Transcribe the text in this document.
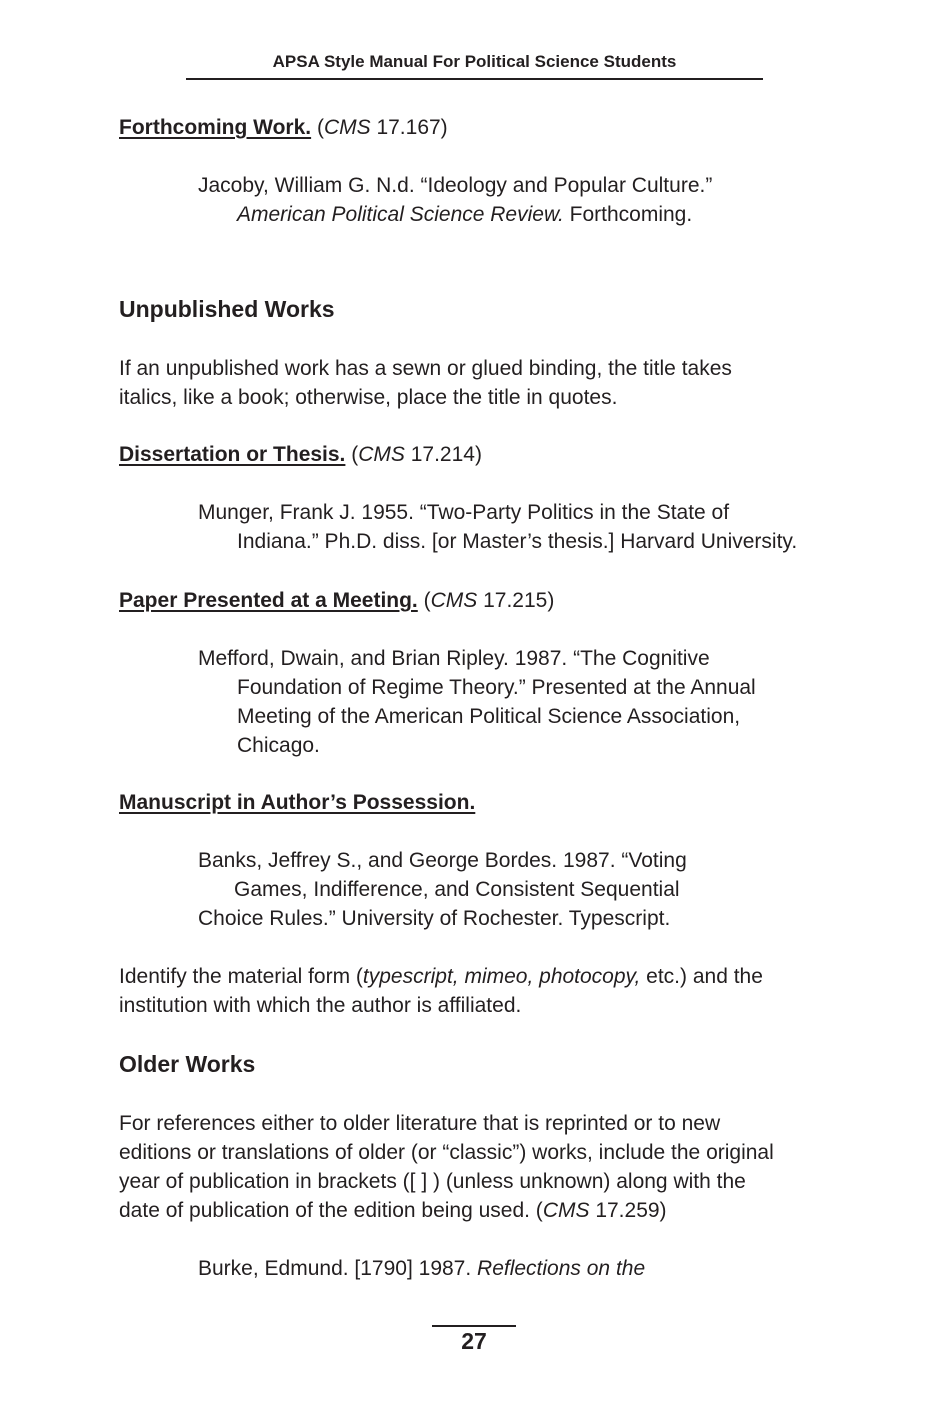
APSA Style Manual For Political Science Students
Forthcoming Work. (CMS 17.167)
Jacoby, William G. N.d. “Ideology and Popular Culture.”
American Political Science Review. Forthcoming.
Unpublished Works
If an unpublished work has a sewn or glued binding, the title takes
italics, like a book; otherwise, place the title in quotes.
Dissertation or Thesis. (CMS 17.214)
Munger, Frank J. 1955. “Two-Party Politics in the State of
Indiana.” Ph.D. diss. [or Master’s thesis.] Harvard University.
Paper Presented at a Meeting. (CMS 17.215)
Mefford, Dwain, and Brian Ripley. 1987. “The Cognitive
Foundation of Regime Theory.” Presented at the Annual
Meeting of the American Political Science Association,
Chicago.
Manuscript in Author’s Possession.
Banks, Jeffrey S., and George Bordes. 1987. “Voting
Games, Indifference, and Consistent Sequential
Choice Rules.” University of Rochester. Typescript.
Identify the material form (typescript, mimeo, photocopy, etc.) and the
institution with which the author is affiliated.
Older Works
For references either to older literature that is reprinted or to new
editions or translations of older (or “classic”) works, include the original
year of publication in brackets ([ ] ) (unless unknown) along with the
date of publication of the edition being used. (CMS 17.259)
Burke, Edmund. [1790] 1987. Reflections on the
27
